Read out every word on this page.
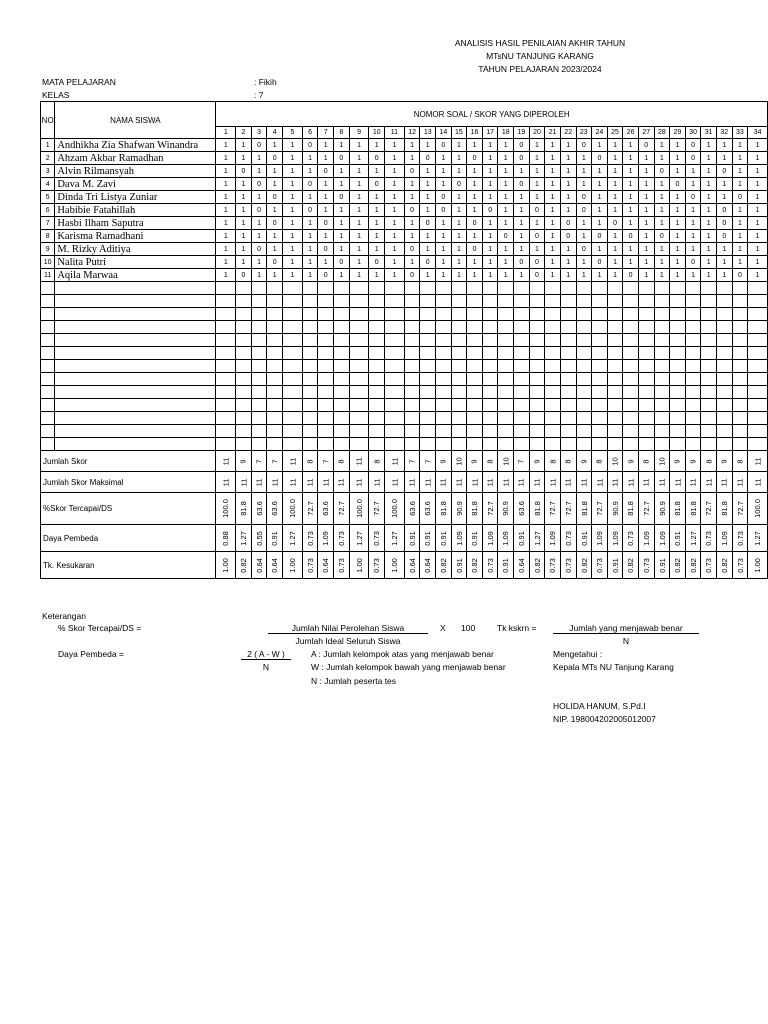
ANALISIS HASIL PENILAIAN AKHIR TAHUN
MTsNU TANJUNG KARANG
TAHUN PELAJARAN 2023/2024
MATA PELAJARAN	: Fikih
KELAS	: 7
NO	NAMA SISWA	NOMOR SOAL / SKOR YANG DIPEROLEH																																	
		1	2	3	4	5	6	7	8	9	10	11	12	13	14	15	16	17	18	19	20	21	22	23	24	25	26	27	28	29	30	31	32	33	34
1	Andhikha Zia Shafwan Winandra	1	1	0	1	1	0	1	1	1	1	1	1	1	0	1	1	1	1	0	1	1	1	0	1	1	1	0	1	1	0	1	1	1	1
2	Ahzam Akbar Ramadhan	1	1	1	0	1	1	1	0	1	0	1	1	0	1	1	0	1	1	0	1	1	1	1	0	1	1	1	1	1	0	1	1	1	1
3	Alvin Rilmansyah	1	0	1	1	1	1	0	1	1	1	1	0	1	1	1	1	1	1	1	1	1	1	1	1	1	1	1	0	1	1	1	0	1	1
4	Dava M. Zavi	1	1	0	1	1	0	1	1	1	0	1	1	1	1	0	1	1	1	0	1	1	1	1	1	1	1	1	1	0	1	1	1	1	1
5	Dinda Tri Listya Zuniar	1	1	1	0	1	1	1	0	1	1	1	1	1	0	1	1	1	1	1	1	1	1	0	1	1	1	1	1	1	0	1	1	0	1
6	Habibie Fatahillah	1	1	0	1	1	0	1	1	1	1	1	0	1	0	1	1	0	1	1	0	1	1	0	1	1	1	1	1	1	1	1	0	1	1
7	Hasbi Ilham Saputra	1	1	1	0	1	1	0	1	1	1	1	1	0	1	1	0	1	1	1	1	1	0	1	1	0	1	1	1	1	1	1	0	1	1
8	Karisma Ramadhani	1	1	1	1	1	1	1	1	1	1	1	1	1	1	1	1	1	0	1	0	1	0	1	0	1	0	1	0	1	1	1	0	1	1
9	M. Rizky Aditiya	1	1	0	1	1	1	0	1	1	1	1	0	1	1	1	0	1	1	1	1	1	1	0	1	1	1	1	1	1	1	1	1	1	1
10	Nalita Putri	1	1	1	0	1	1	1	0	1	0	1	1	0	1	1	1	1	1	0	0	1	1	1	0	1	1	1	1	1	0	1	1	1	1
11	Aqila Marwaa	1	0	1	1	1	1	0	1	1	1	1	0	1	1	1	1	1	1	1	0	1	1	1	1	1	0	1	1	1	1	1	1	0	1

Jumlah Skor		11	9	7	7	11	8	7	8	11	8	11	7	7	9	10	9	8	10	7	9	8	8	9	8	10	9	8	10	9	9	8	9	8	11
Jumlah Skor Maksimal		11	11	11	11	11	11	11	11	11	11	11	11	11	11	11	11	11	11	11	11	11	11	11	11	11	11	11	11	11	11	11	11	11	11
%Skor Tercapai/DS		100.0	81.8	63.6	63.6	100.0	72.7	63.6	72.7	100.0	72.7	100.0	63.6	63.6	81.8	90.9	81.8	72.7	90.9	63.6	81.8	72.7	72.7	81.8	72.7	90.9	81.8	72.7	90.9	81.8	81.8	72.7	81.8	72.7	100.0
Daya Pembeda		0.88	1.27	0.55	0.91	1.27	0.73	1.09	0.73	1.27	0.73	1.27	0.91	0.91	0.91	1.09	0.91	1.09	1.09	0.91	1.27	1.09	0.73	0.91	1.09	1.09	0.73	1.09	1.09	0.91	1.27	0.73	1.09	0.73	1.27
Tk. Kesukaran		1.00	0.82	0.64	0.64	1.00	0.73	0.64	0.73	1.00	0.73	1.00	0.64	0.64	0.82	0.91	0.82	0.73	0.91	0.64	0.82	0.73	0.73	0.82	0.73	0.91	0.82	0.73	0.91	0.82	0.82	0.73	0.82	0.73	1.00
Keterangan
% Skor Tercapai/DS =	Jumlah Nilai Perolehan Siswa	X 100
Jumlah Ideal Seluruh Siswa
Tk kskrn =	Jumlah yang menjawab benar
N
Daya Pembeda =	2 ( A - W )
N
A : Jumlah kelompok atas yang menjawab benar
W : Jumlah kelompok bawah yang menjawab benar
N : Jumlah peserta tes
Mengetahui :
Kepala MTs NU Tanjung Karang
HOLIDA HANUM, S.Pd.I
NIP. 198004202005012007
